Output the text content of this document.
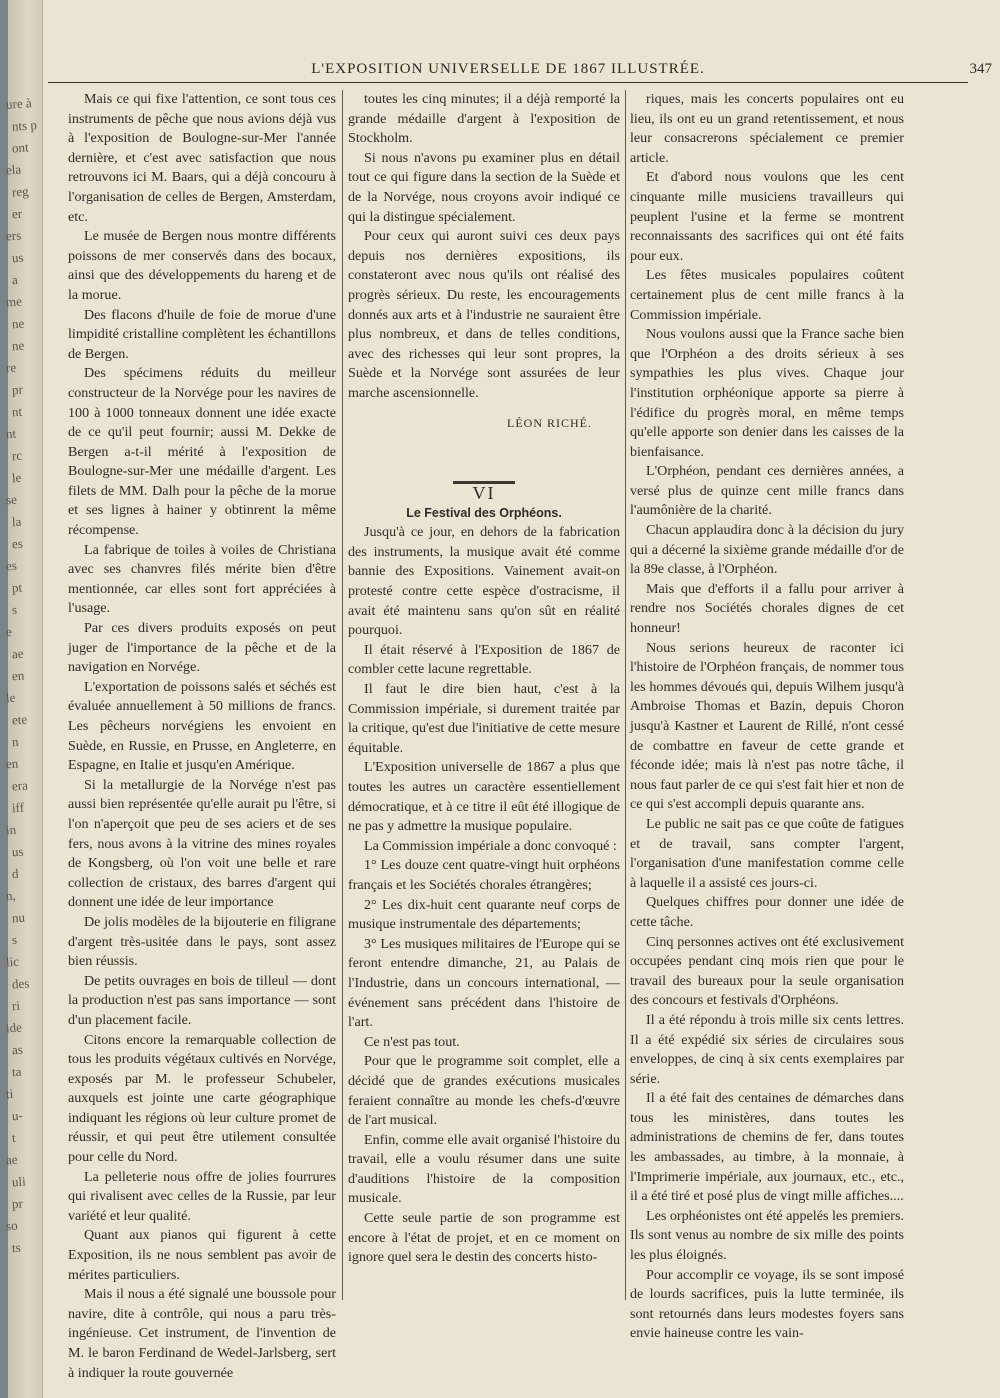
ure à
nts p
ont
ela
reg
er
ers
us
a
me
ne
ne
re
pr
nt
nt
rc
le
se
la
es
es
pt
s
e
ae
en
le
ete
n
en
era
iff
in
us
d
n,
nu
s
lic
des
ri
ide
as
ta
ti
u-
t
ae
uli
pr
so
ts
L'EXPOSITION UNIVERSELLE DE 1867 ILLUSTRÉE.	347

Mais ce qui fixe l'attention, ce sont tous ces instruments de pêche que nous avions déjà vus à l'exposition de Boulogne-sur-Mer l'année dernière, et c'est avec satisfaction que nous retrouvons ici M. Baars, qui a déjà concouru à l'organisation de celles de Bergen, Amsterdam, etc.

Le musée de Bergen nous montre différents poissons de mer conservés dans des bocaux, ainsi que des développements du hareng et de la morue.

Des flacons d'huile de foie de morue d'une limpidité cristalline complètent les échantillons de Bergen.

Des spécimens réduits du meilleur constructeur de la Norvége pour les navires de 100 à 1000 tonneaux donnent une idée exacte de ce qu'il peut fournir; aussi M. Dekke de Bergen a-t-il mérité à l'exposition de Boulogne-sur-Mer une médaille d'argent. Les filets de MM. Dalh pour la pêche de la morue et ses lignes à hainer y obtinrent la même récompense.

La fabrique de toiles à voiles de Christiana avec ses chanvres filés mérite bien d'être mentionnée, car elles sont fort appréciées à l'usage.

Par ces divers produits exposés on peut juger de l'importance de la pêche et de la navigation en Norvége.

L'exportation de poissons salés et séchés est évaluée annuellement à 50 millions de francs. Les pêcheurs norvégiens les envoient en Suède, en Russie, en Prusse, en Angleterre, en Espagne, en Italie et jusqu'en Amérique.

Si la metallurgie de la Norvége n'est pas aussi bien représentée qu'elle aurait pu l'être, si l'on n'aperçoit que peu de ses aciers et de ses fers, nous avons à la vitrine des mines royales de Kongsberg, où l'on voit une belle et rare collection de cristaux, des barres d'argent qui donnent une idée de leur importance

De jolis modèles de la bijouterie en filigrane d'argent très-usitée dans le pays, sont assez bien réussis.

De petits ouvrages en bois de tilleul — dont la production n'est pas sans importance — sont d'un placement facile.

Citons encore la remarquable collection de tous les produits végétaux cultivés en Norvége, exposés par M. le professeur Schubeler, auxquels est jointe une carte géographique indiquant les régions où leur culture promet de réussir, et qui peut être utilement consultée pour celle du Nord.

La pelleterie nous offre de jolies fourrures qui rivalisent avec celles de la Russie, par leur variété et leur qualité.

Quant aux pianos qui figurent à cette Exposition, ils ne nous semblent pas avoir de mérites particuliers.

Mais il nous a été signalé une boussole pour navire, dite à contrôle, qui nous a paru très-ingénieuse. Cet instrument, de l'invention de M. le baron Ferdinand de Wedel-Jarlsberg, sert à indiquer la route gouvernée

toutes les cinq minutes; il a déjà remporté la grande médaille d'argent à l'exposition de Stockholm.

Si nous n'avons pu examiner plus en détail tout ce qui figure dans la section de la Suède et de la Norvége, nous croyons avoir indiqué ce qui la distingue spécialement.

Pour ceux qui auront suivi ces deux pays depuis nos dernières expositions, ils constateront avec nous qu'ils ont réalisé des progrès sérieux. Du reste, les encouragements donnés aux arts et à l'industrie ne sauraient être plus nombreux, et dans de telles conditions, avec des richesses qui leur sont propres, la Suède et la Norvége sont assurées de leur marche ascensionnelle.

LÉON RICHÉ.

VI

Le Festival des Orphéons.

Jusqu'à ce jour, en dehors de la fabrication des instruments, la musique avait été comme bannie des Expositions. Vainement avait-on protesté contre cette espèce d'ostracisme, il avait été maintenu sans qu'on sût en réalité pourquoi.

Il était réservé à l'Exposition de 1867 de combler cette lacune regrettable.

Il faut le dire bien haut, c'est à la Commission impériale, si durement traitée par la critique, qu'est due l'initiative de cette mesure équitable.

L'Exposition universelle de 1867 a plus que toutes les autres un caractère essentiellement démocratique, et à ce titre il eût été illogique de ne pas y admettre la musique populaire.

La Commission impériale a donc convoqué :

1° Les douze cent quatre-vingt huit orphéons français et les Sociétés chorales étrangères;

2° Les dix-huit cent quarante neuf corps de musique instrumentale des départements;

3° Les musiques militaires de l'Europe qui se feront entendre dimanche, 21, au Palais de l'Industrie, dans un concours international, — événement sans précédent dans l'histoire de l'art.

Ce n'est pas tout.

Pour que le programme soit complet, elle a décidé que de grandes exécutions musicales feraient connaître au monde les chefs-d'œuvre de l'art musical.

Enfin, comme elle avait organisé l'histoire du travail, elle a voulu résumer dans une suite d'auditions l'histoire de la composition musicale.

Cette seule partie de son programme est encore à l'état de projet, et en ce moment on ignore quel sera le destin des concerts histo-

riques, mais les concerts populaires ont eu lieu, ils ont eu un grand retentissement, et nous leur consacrerons spécialement ce premier article.

Et d'abord nous voulons que les cent cinquante mille musiciens travailleurs qui peuplent l'usine et la ferme se montrent reconnaissants des sacrifices qui ont été faits pour eux.

Les fêtes musicales populaires coûtent certainement plus de cent mille francs à la Commission impériale.

Nous voulons aussi que la France sache bien que l'Orphéon a des droits sérieux à ses sympathies les plus vives. Chaque jour l'institution orphéonique apporte sa pierre à l'édifice du progrès moral, en même temps qu'elle apporte son denier dans les caisses de la bienfaisance.

L'Orphéon, pendant ces dernières années, a versé plus de quinze cent mille francs dans l'aumônière de la charité.

Chacun applaudira donc à la décision du jury qui a décerné la sixième grande médaille d'or de la 89e classe, à l'Orphéon.

Mais que d'efforts il a fallu pour arriver à rendre nos Sociétés chorales dignes de cet honneur!

Nous serions heureux de raconter ici l'histoire de l'Orphéon français, de nommer tous les hommes dévoués qui, depuis Wilhem jusqu'à Ambroise Thomas et Bazin, depuis Choron jusqu'à Kastner et Laurent de Rillé, n'ont cessé de combattre en faveur de cette grande et féconde idée; mais là n'est pas notre tâche, il nous faut parler de ce qui s'est fait hier et non de ce qui s'est accompli depuis quarante ans.

Le public ne sait pas ce que coûte de fatigues et de travail, sans compter l'argent, l'organisation d'une manifestation comme celle à laquelle il a assisté ces jours-ci.

Quelques chiffres pour donner une idée de cette tâche.

Cinq personnes actives ont été exclusivement occupées pendant cinq mois rien que pour le travail des bureaux pour la seule organisation des concours et festivals d'Orphéons.

Il a été répondu à trois mille six cents lettres. Il a été expédié six séries de circulaires sous enveloppes, de cinq à six cents exemplaires par série.

Il a été fait des centaines de démarches dans tous les ministères, dans toutes les administrations de chemins de fer, dans toutes les ambassades, au timbre, à la monnaie, à l'Imprimerie impériale, aux journaux, etc., etc., il a été tiré et posé plus de vingt mille affiches....

Les orphéonistes ont été appelés les premiers. Ils sont venus au nombre de six mille des points les plus éloignés.

Pour accomplir ce voyage, ils se sont imposé de lourds sacrifices, puis la lutte terminée, ils sont retournés dans leurs modestes foyers sans envie haineuse contre les vain-
